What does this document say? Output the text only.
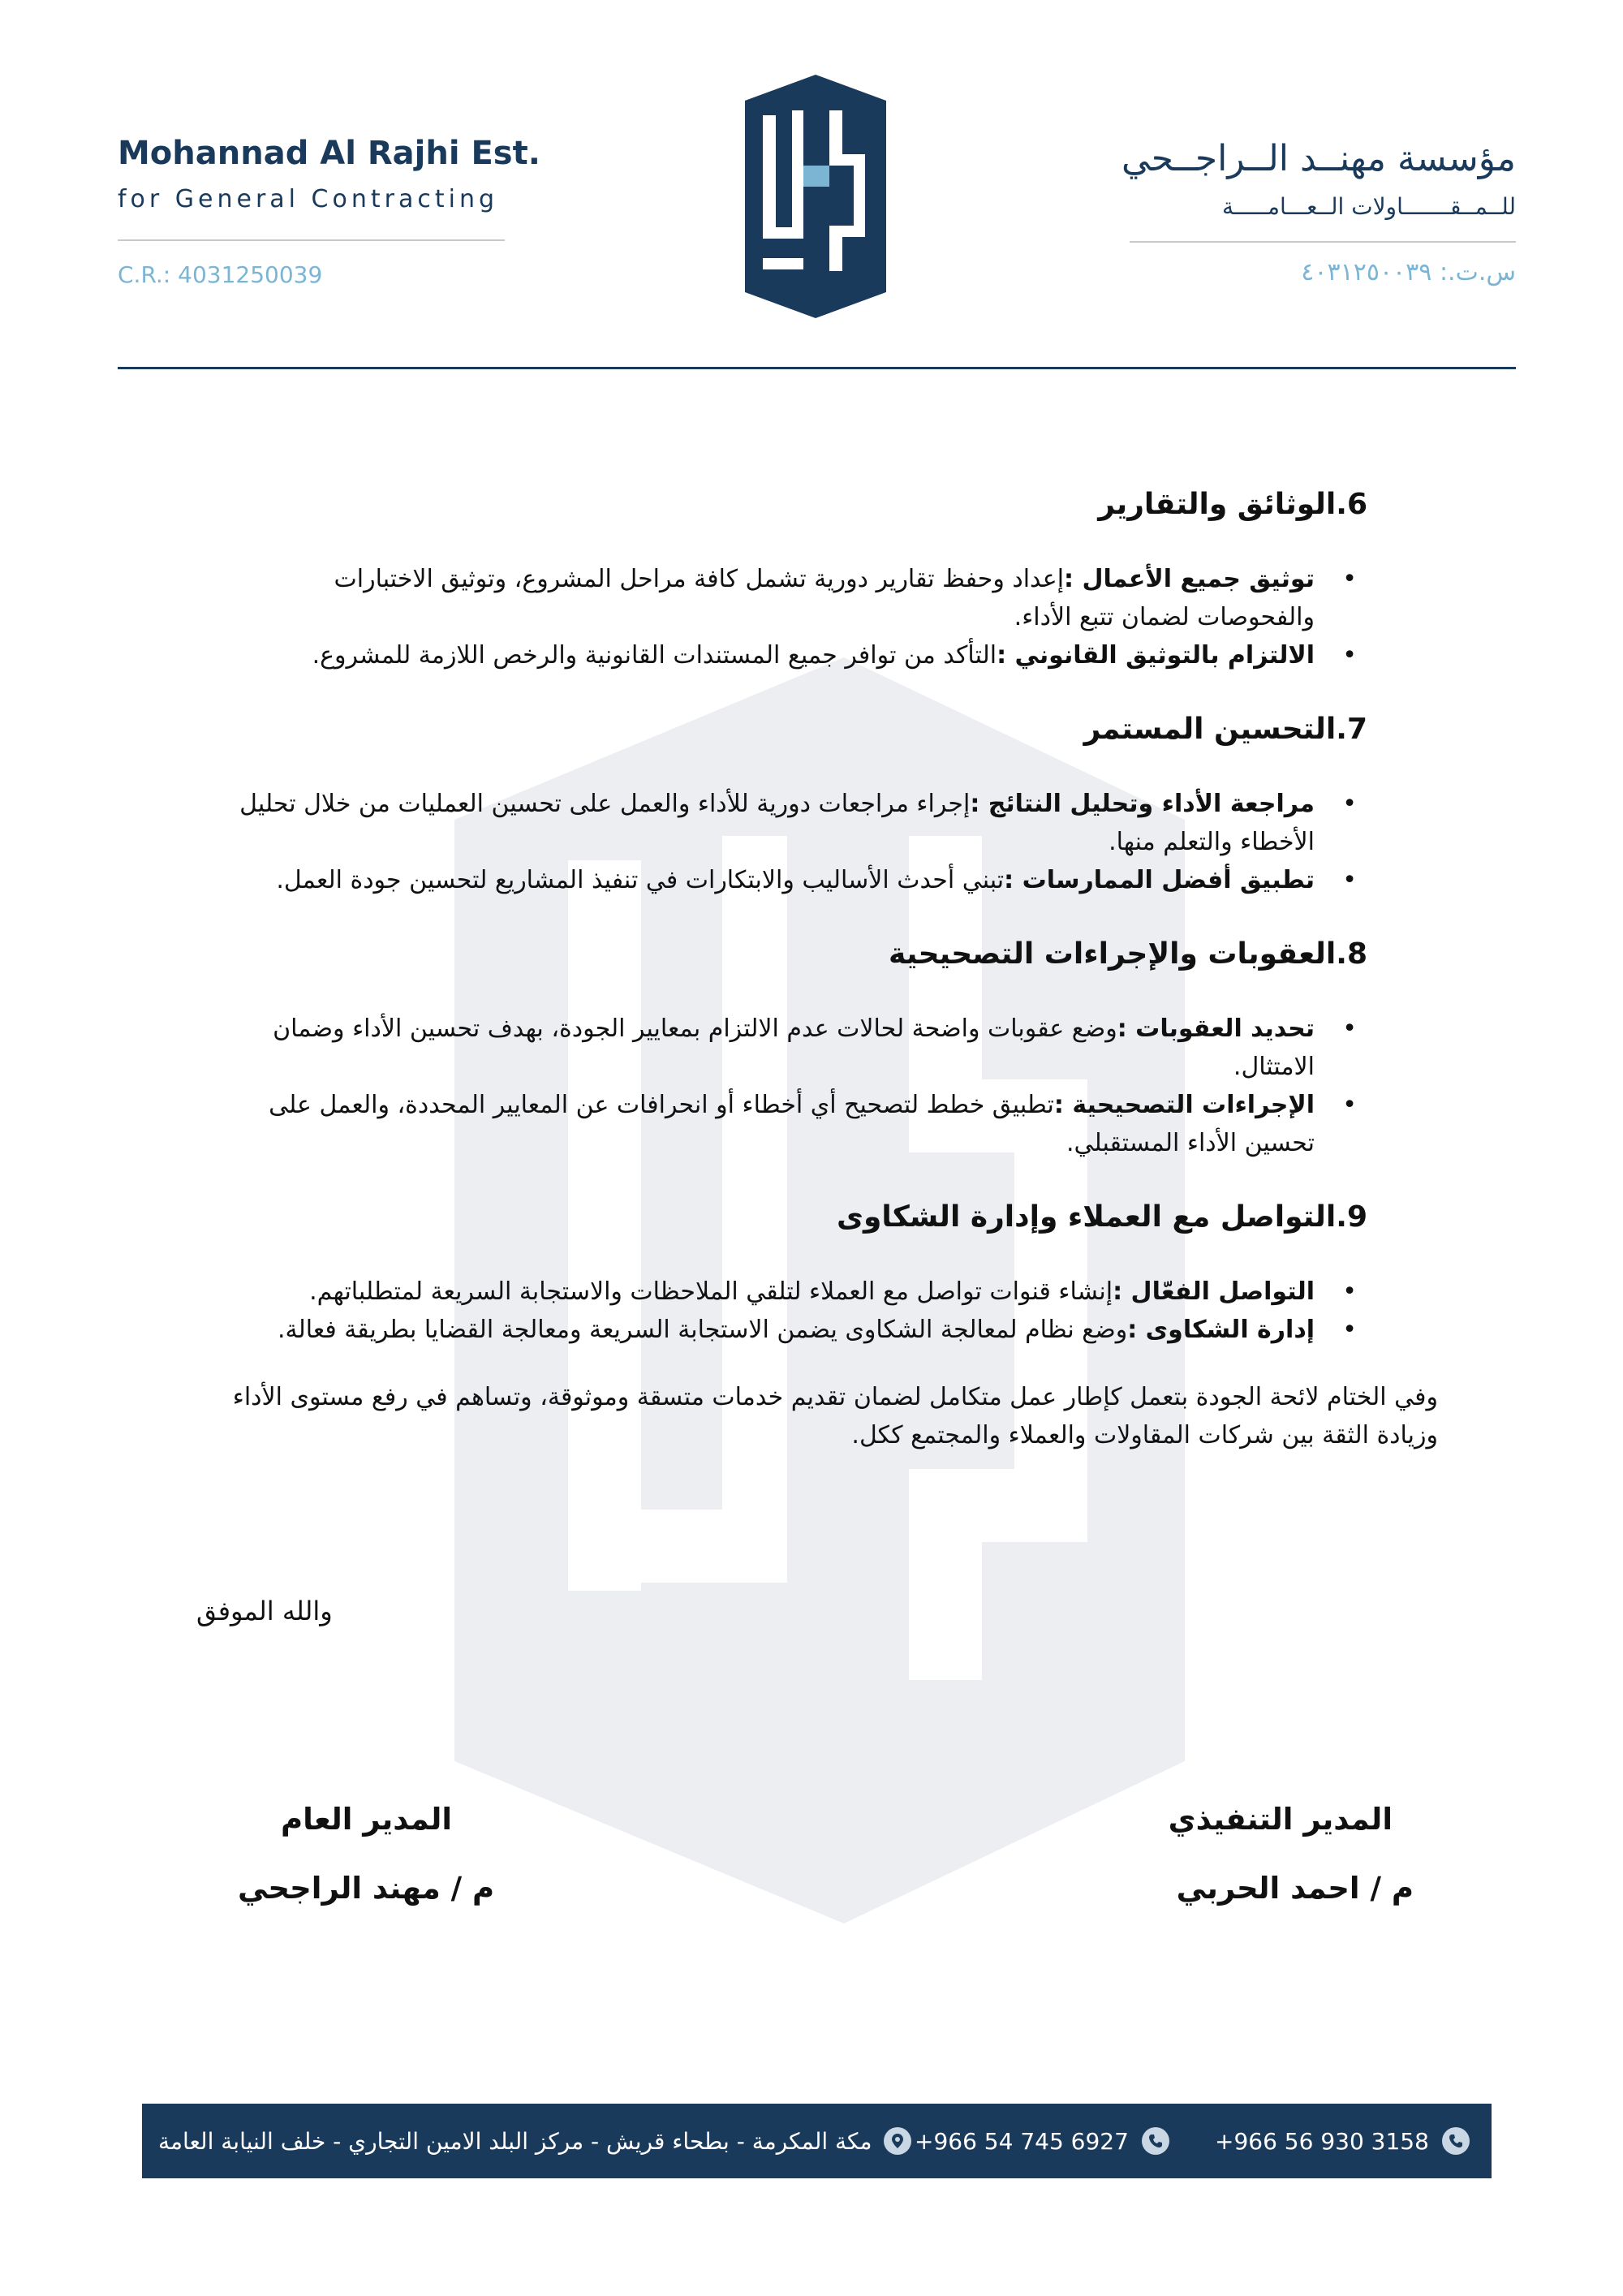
Mohannad Al Rajhi Est.
for General Contracting
C.R.: 4031250039
مؤسسة مهنــد الــراجــحي
للــمــقـــــــاولات الــعـــامـــــة
س.ت.: ٤٠٣١٢٥٠٠٣٩
6.الوثائق والتقارير
• توثيق جميع الأعمال :إعداد وحفظ تقارير دورية تشمل كافة مراحل المشروع، وتوثيق الاختبارات والفحوصات لضمان تتبع الأداء.
• الالتزام بالتوثيق القانوني :التأكد من توافر جميع المستندات القانونية والرخص اللازمة للمشروع.
7.التحسين المستمر
• مراجعة الأداء وتحليل النتائج :إجراء مراجعات دورية للأداء والعمل على تحسين العمليات من خلال تحليل الأخطاء والتعلم منها.
• تطبيق أفضل الممارسات :تبني أحدث الأساليب والابتكارات في تنفيذ المشاريع لتحسين جودة العمل.
8.العقوبات والإجراءات التصحيحية
• تحديد العقوبات :وضع عقوبات واضحة لحالات عدم الالتزام بمعايير الجودة، بهدف تحسين الأداء وضمان الامتثال.
• الإجراءات التصحيحية :تطبيق خطط لتصحيح أي أخطاء أو انحرافات عن المعايير المحددة، والعمل على تحسين الأداء المستقبلي.
9.التواصل مع العملاء وإدارة الشكاوى
• التواصل الفعّال :إنشاء قنوات تواصل مع العملاء لتلقي الملاحظات والاستجابة السريعة لمتطلباتهم.
• إدارة الشكاوى :وضع نظام لمعالجة الشكاوى يضمن الاستجابة السريعة ومعالجة القضايا بطريقة فعالة.
وفي الختام لائحة الجودة بتعمل كإطار عمل متكامل لضمان تقديم خدمات متسقة وموثوقة، وتساهم في رفع مستوى الأداء وزيادة الثقة بين شركات المقاولات والعملاء والمجتمع ككل.
والله الموفق
المدير التنفيذي
م / احمد الحربي
المدير العام
م / مهند الراجحي
مكة المكرمة - بطحاء قريش - مركز البلد الامين التجاري - خلف النيابة العامة +966 54 745 6927	+966 56 930 3158
